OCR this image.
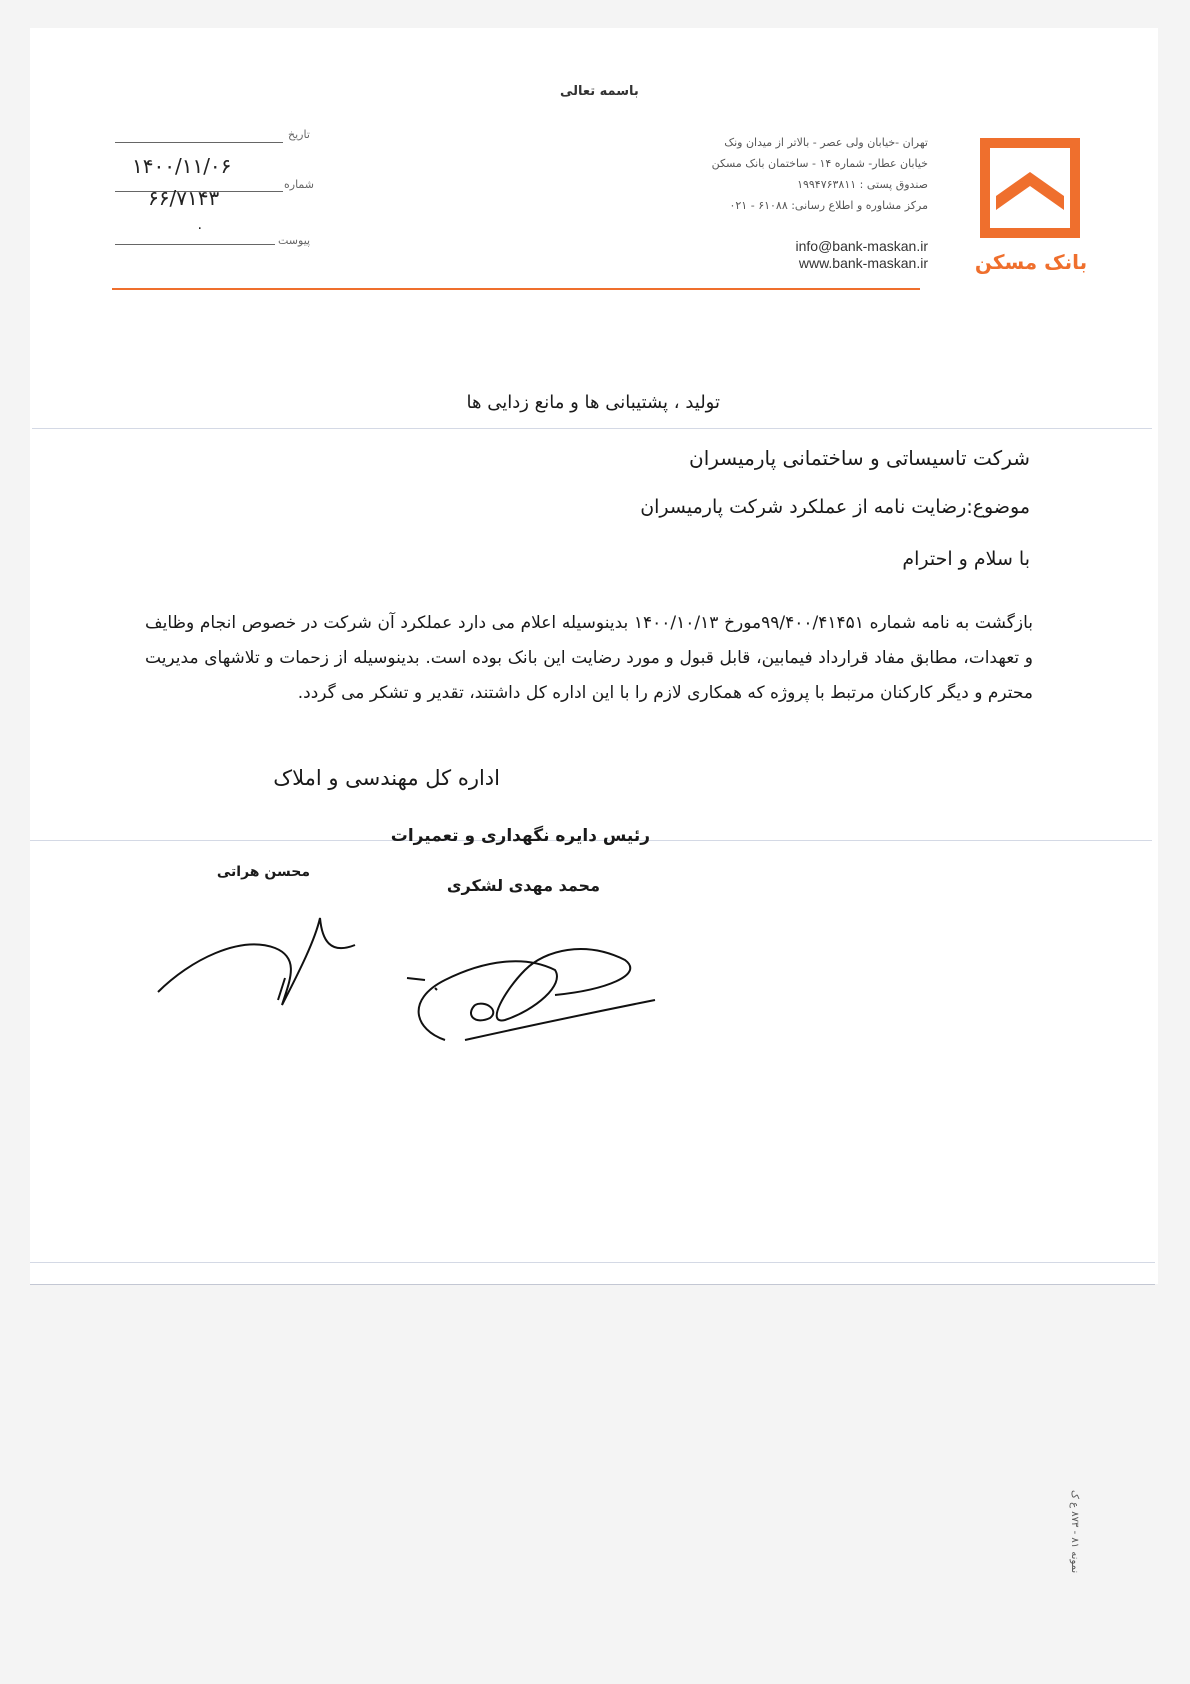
باسمه تعالی
بانک مسکن
تهران -خیابان ولی عصر - بالاتر از میدان ونک
خیابان عطار- شماره ۱۴ - ساختمان بانک مسکن
صندوق پستی : ۱۹۹۴۷۶۳۸۱۱
مرکز مشاوره و اطلاع رسانی: ۶۱۰۸۸ - ۰۲۱
info@bank-maskan.ir
www.bank-maskan.ir
تاریخ
۱۴۰۰/۱۱/۰۶
شماره
۶۶/۷۱۴۳
پیوست
۰
تولید ، پشتیبانی ها و مانع زدایی ها
شرکت تاسیساتی و ساختمانی پارمیسران
موضوع:رضایت نامه از عملکرد شرکت پارمیسران
با سلام و احترام
بازگشت به نامه شماره ۹۹/۴۰۰/۴۱۴۵۱مورخ ۱۴۰۰/۱۰/۱۳ بدینوسیله اعلام می دارد عملکرد آن شرکت در خصوص انجام وظایف و تعهدات، مطابق مفاد قرارداد فیمابین، قابل قبول و مورد رضایت این بانک بوده است. بدینوسیله از زحمات و تلاشهای مدیریت محترم و دیگر کارکنان مرتبط با پروژه که همکاری لازم را با این اداره کل داشتند، تقدیر و تشکر می گردد.
اداره کل مهندسی و املاک
رئیس دایره نگهداری و تعمیرات
محمد مهدی لشکری
محسن هراتی
نمونه ۸۱ - ۸۷۳ ع ک
